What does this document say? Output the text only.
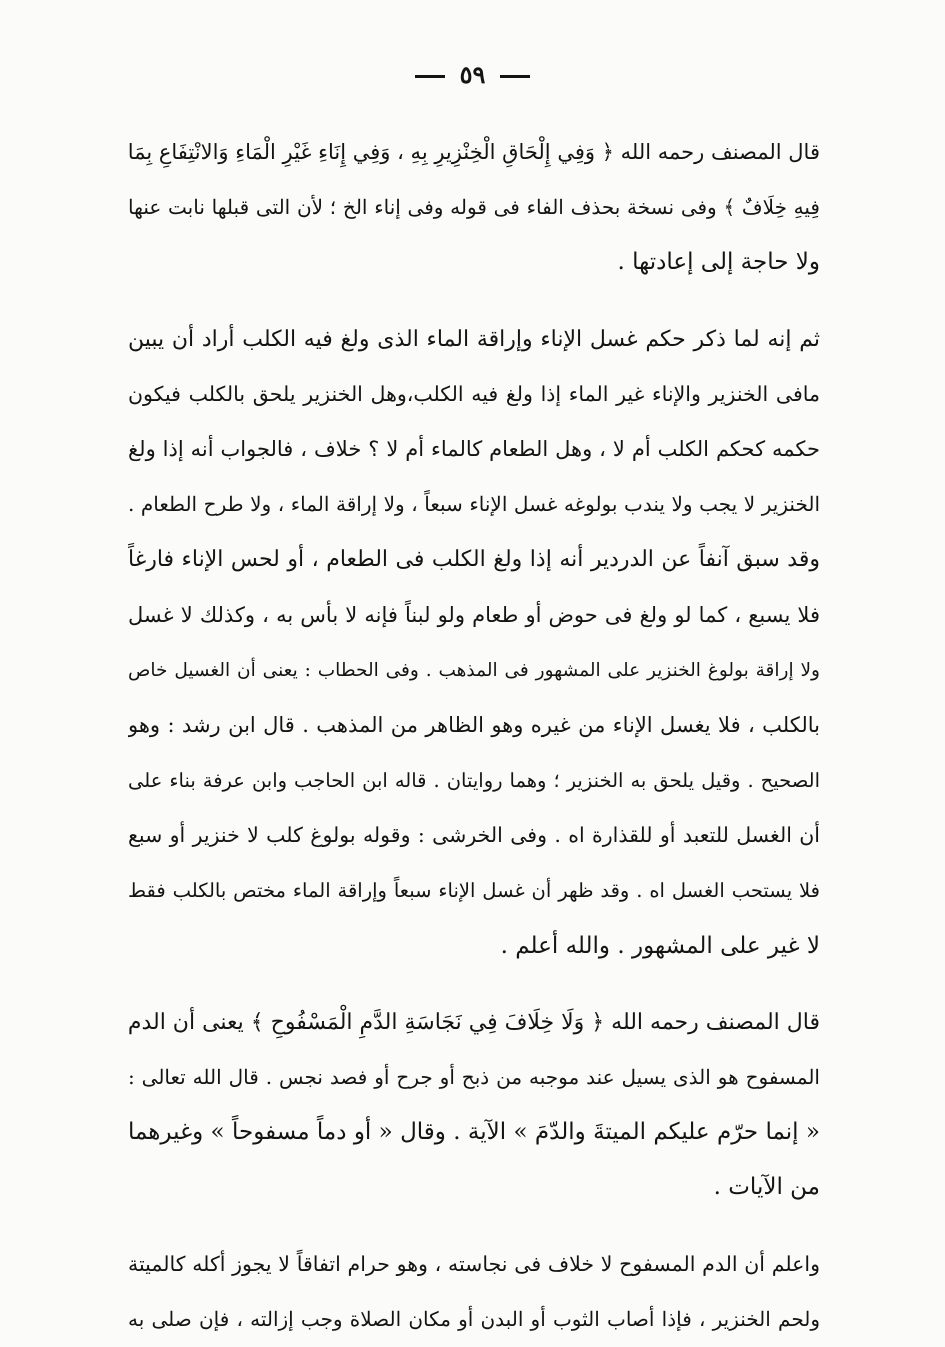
٥٩
قال المصنف رحمه الله ﴿ وَفِي إِلْحَاقِ الْخِنْزِيرِ بِهِ ، وَفِي إِنَاءِ غَيْرِ الْمَاءِ وَالانْتِفَاعِ بِمَا
فِيهِ خِلَافٌ ﴾ وفى نسخة بحذف الفاء فى قوله وفى إناء الخ ؛ لأن التى قبلها نابت عنها
ولا حاجة إلى إعادتها .
ثم إنه لما ذكر حكم غسل الإناء وإراقة الماء الذى ولغ فيه الكلب أراد أن يبين
مافى الخنزير والإناء غير الماء إذا ولغ فيه الكلب،وهل الخنزير يلحق بالكلب فيكون
حكمه كحكم الكلب أم لا ، وهل الطعام كالماء أم لا ؟ خلاف ، فالجواب أنه إذا ولغ
الخنزير لا يجب ولا يندب بولوغه غسل الإناء سبعاً ، ولا إراقة الماء ، ولا طرح الطعام .
وقد سبق آنفاً عن الدردير أنه إذا ولغ الكلب فى الطعام ، أو لحس الإناء فارغاً
فلا يسبع ، كما لو ولغ فى حوض أو طعام ولو لبناً فإنه لا بأس به ، وكذلك لا غسل
ولا إراقة بولوغ الخنزير على المشهور فى المذهب . وفى الحطاب : يعنى أن الغسيل خاص
بالكلب ، فلا يغسل الإناء من غيره وهو الظاهر من المذهب . قال ابن رشد : وهو
الصحيح . وقيل يلحق به الخنزير ؛ وهما روايتان . قاله ابن الحاجب وابن عرفة بناء على
أن الغسل للتعبد أو للقذارة اه . وفى الخرشى : وقوله بولوغ كلب لا خنزير أو سبع
فلا يستحب الغسل اه . وقد ظهر أن غسل الإناء سبعاً وإراقة الماء مختص بالكلب فقط
لا غير على المشهور . والله أعلم .
قال المصنف رحمه الله ﴿ وَلَا خِلَافَ فِي نَجَاسَةِ الدَّمِ الْمَسْفُوحِ ﴾ يعنى أن الدم
المسفوح هو الذى يسيل عند موجبه من ذبح أو جرح أو فصد نجس . قال الله تعالى :
« إنما حرّم عليكم الميتةَ والدّمَ » الآية . وقال « أو دماً مسفوحاً » وغيرهما
من الآيات .
واعلم أن الدم المسفوح لا خلاف فى نجاسته ، وهو حرام اتفاقاً لا يجوز أكله كالميتة
ولحم الخنزير ، فإذا أصاب الثوب أو البدن أو مكان الصلاة وجب إزالته ، فإن صلى به
